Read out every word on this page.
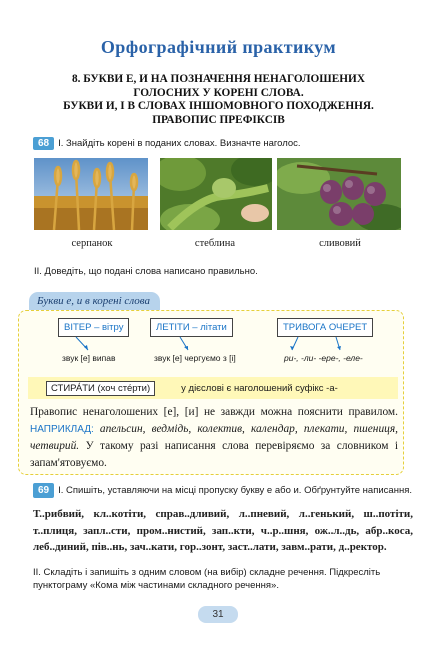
Орфографічний практикум
8. БУКВИ Е, И НА ПОЗНАЧЕННЯ НЕНАГОЛОШЕНИХ
ГОЛОСНИХ У КОРЕНІ СЛОВА.
БУКВИ И, І В СЛОВАХ ІНШОМОВНОГО ПОХОДЖЕННЯ.
ПРАВОПИС ПРЕФІКСІВ
68 І. Знайдіть корені в поданих словах. Визначте наголос.
серпанок	стеблина	сливовий
ІІ. Доведіть, що подані слова написано правильно.
Букви е, и в корені слова
ВІТЕР – вітру	ЛЕТІТИ – літати	ТРИВОГА ОЧЕРЕТ
звук [е] випав	звук [е] чергуємо з [і]	ри-, -ли- -ере-, -еле-
СТИРА́ТИ (хоч сте́рти)	у дієслові є наголошений суфікс -а-
Правопис ненаголошених [е], [и] не завжди можна пояснити правилом. НАПРИКЛАД: апельсин, ведмідь, колектив, календар, плекати, пшениця, четвирий. У такому разі написання слова перевіряємо за словником і запам'ятовуємо.
69 І. Спишіть, уставляючи на місці пропуску букву е або и. Обґрунтуйте написання.
Т..рибвий, кл..котіти, справ..дливий, л..пневий, л..генький, ш..потіти, т..плиця, запл..сти, пром..нистий, зап..кти, ч..р..шня, ож..л..дь, абр..коса, леб..диний, пів..нь, зач..кати, гор..зонт, заст..лати, завм..рати, д..ректор.
ІІ. Складіть і запишіть з одним словом (на вибір) складне речення. Підкресліть пунктограму «Кома між частинами складного речення».
31
